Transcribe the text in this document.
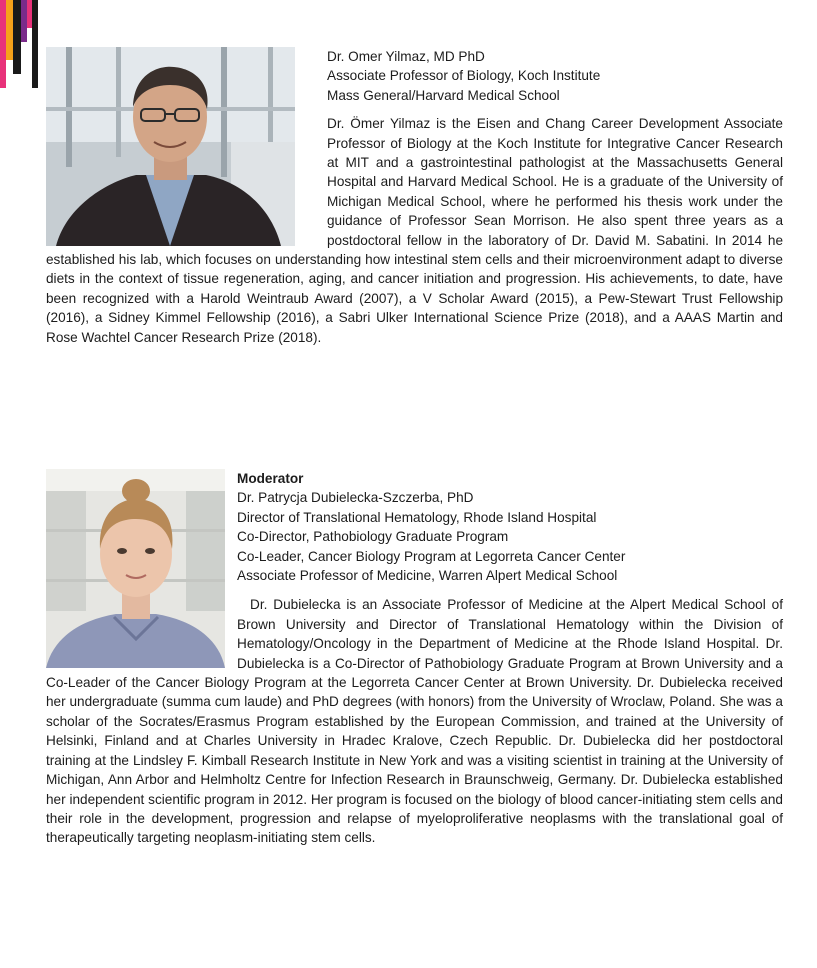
Dr. Omer Yilmaz, MD PhD

Associate Professor of Biology, Koch Institute

Mass General/Harvard Medical School

Dr. Ömer Yilmaz is the Eisen and Chang Career Development Associate Professor of Biology at the Koch Institute for Integrative Cancer Research at MIT and a gastrointestinal pathologist at the Massachusetts General Hospital and Harvard Medical School. He is a graduate of the University of Michigan Medical School, where he performed his thesis work under the guidance of Professor Sean Morrison. He also spent three years as a postdoctoral fellow in the laboratory of Dr. David M. Sabatini. In 2014 he established his lab, which focuses on understanding how intestinal stem cells and their microenvironment adapt to diverse diets in the context of tissue regeneration, aging, and cancer initiation and progression. His achievements, to date, have been recognized with a Harold Weintraub Award (2007), a V Scholar Award (2015), a Pew-Stewart Trust Fellowship (2016), a Sidney Kimmel Fellowship (2016), a Sabri Ulker International Science Prize (2018), and a AAAS Martin and Rose Wachtel Cancer Research Prize (2018).

Moderator

Dr. Patrycja Dubielecka-Szczerba, PhD

Director of Translational Hematology, Rhode Island Hospital

Co-Director, Pathobiology Graduate Program

Co-Leader, Cancer Biology Program at Legorreta Cancer Center

Associate Professor of Medicine, Warren Alpert Medical School

Dr. Dubielecka is an Associate Professor of Medicine at the Alpert Medical School of Brown University and Director of Translational Hematology within the Division of Hematology/Oncology in the Department of Medicine at the Rhode Island Hospital. Dr. Dubielecka is a Co-Director of Pathobiology Graduate Program at Brown University and a Co-Leader of the Cancer Biology Program at the Legorreta Cancer Center at Brown University. Dr. Dubielecka received her undergraduate (summa cum laude) and PhD degrees (with honors) from the University of Wroclaw, Poland. She was a scholar of the Socrates/Erasmus Program established by the European Commission, and trained at the University of Helsinki, Finland and at Charles University in Hradec Kralove, Czech Republic. Dr. Dubielecka did her postdoctoral training at the Lindsley F. Kimball Research Institute in New York and was a visiting scientist in training at the University of Michigan, Ann Arbor and Helmholtz Centre for Infection Research in Braunschweig, Germany. Dr. Dubielecka established her independent scientific program in 2012. Her program is focused on the biology of blood cancer-initiating stem cells and their role in the development, progression and relapse of myeloproliferative neoplasms with the translational goal of therapeutically targeting neoplasm-initiating stem cells.
